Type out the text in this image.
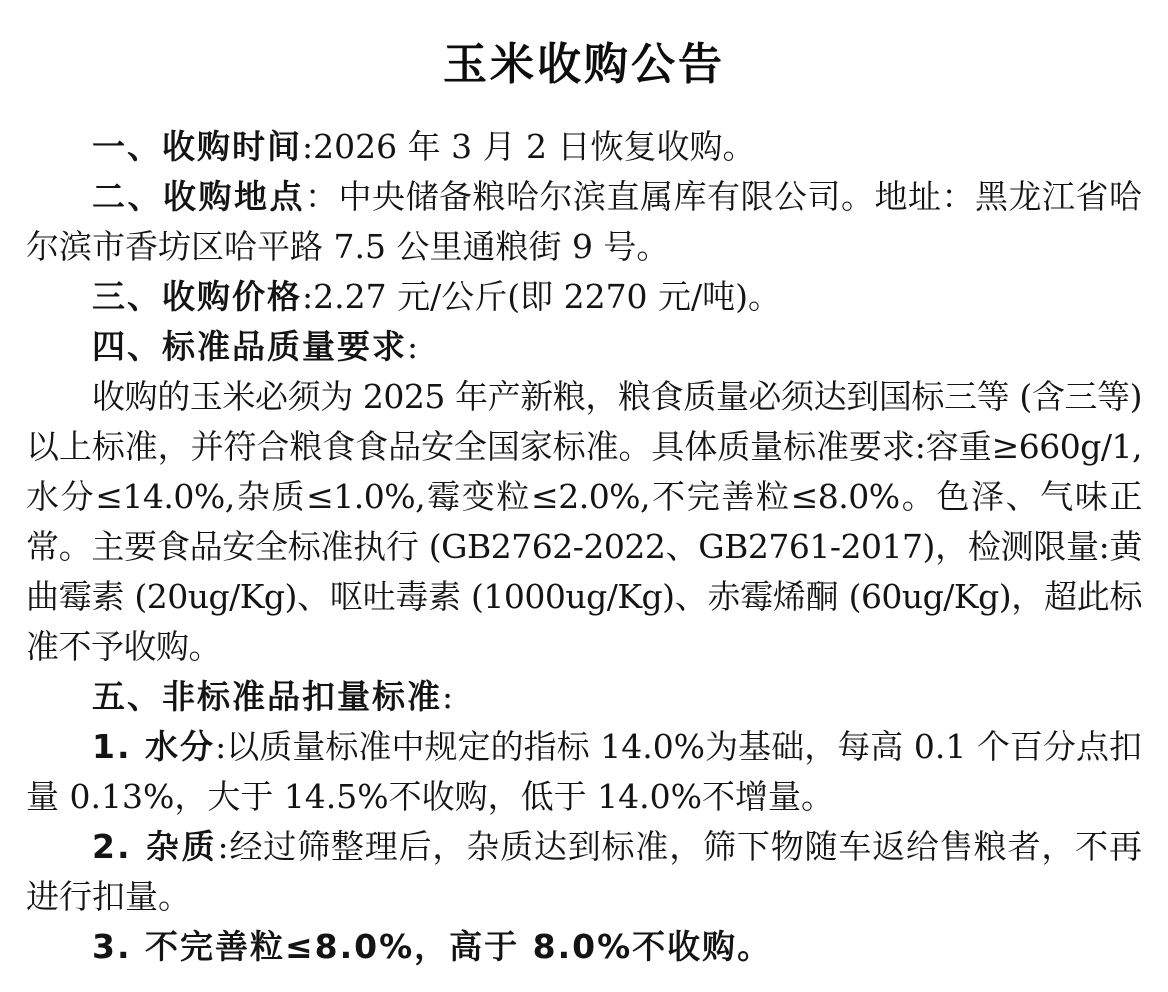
玉米收购公告

一、收购时间:2026 年 3 月 2 日恢复收购。

二、收购地点：中央储备粮哈尔滨直属库有限公司。地址：黑龙江省哈尔滨市香坊区哈平路 7.5 公里通粮街 9 号。

三、收购价格:2.27 元/公斤(即 2270 元/吨)。

四、标准品质量要求:

收购的玉米必须为 2025 年产新粮，粮食质量必须达到国标三等 (含三等) 以上标准，并符合粮食食品安全国家标准。具体质量标准要求:容重≥660g/1,水分≤14.0%,杂质≤1.0%,霉变粒≤2.0%,不完善粒≤8.0%。色泽、气味正常。主要食品安全标准执行 (GB2762-2022、GB2761-2017)，检测限量:黄曲霉素 (20ug/Kg)、呕吐毒素 (1000ug/Kg)、赤霉烯酮 (60ug/Kg)，超此标准不予收购。

五、非标准品扣量标准:

1. 水分:以质量标准中规定的指标 14.0%为基础，每高 0.1 个百分点扣量 0.13%，大于 14.5%不收购，低于 14.0%不增量。

2. 杂质:经过筛整理后，杂质达到标准，筛下物随车返给售粮者，不再进行扣量。

3. 不完善粒≤8.0%，高于 8.0%不收购。
